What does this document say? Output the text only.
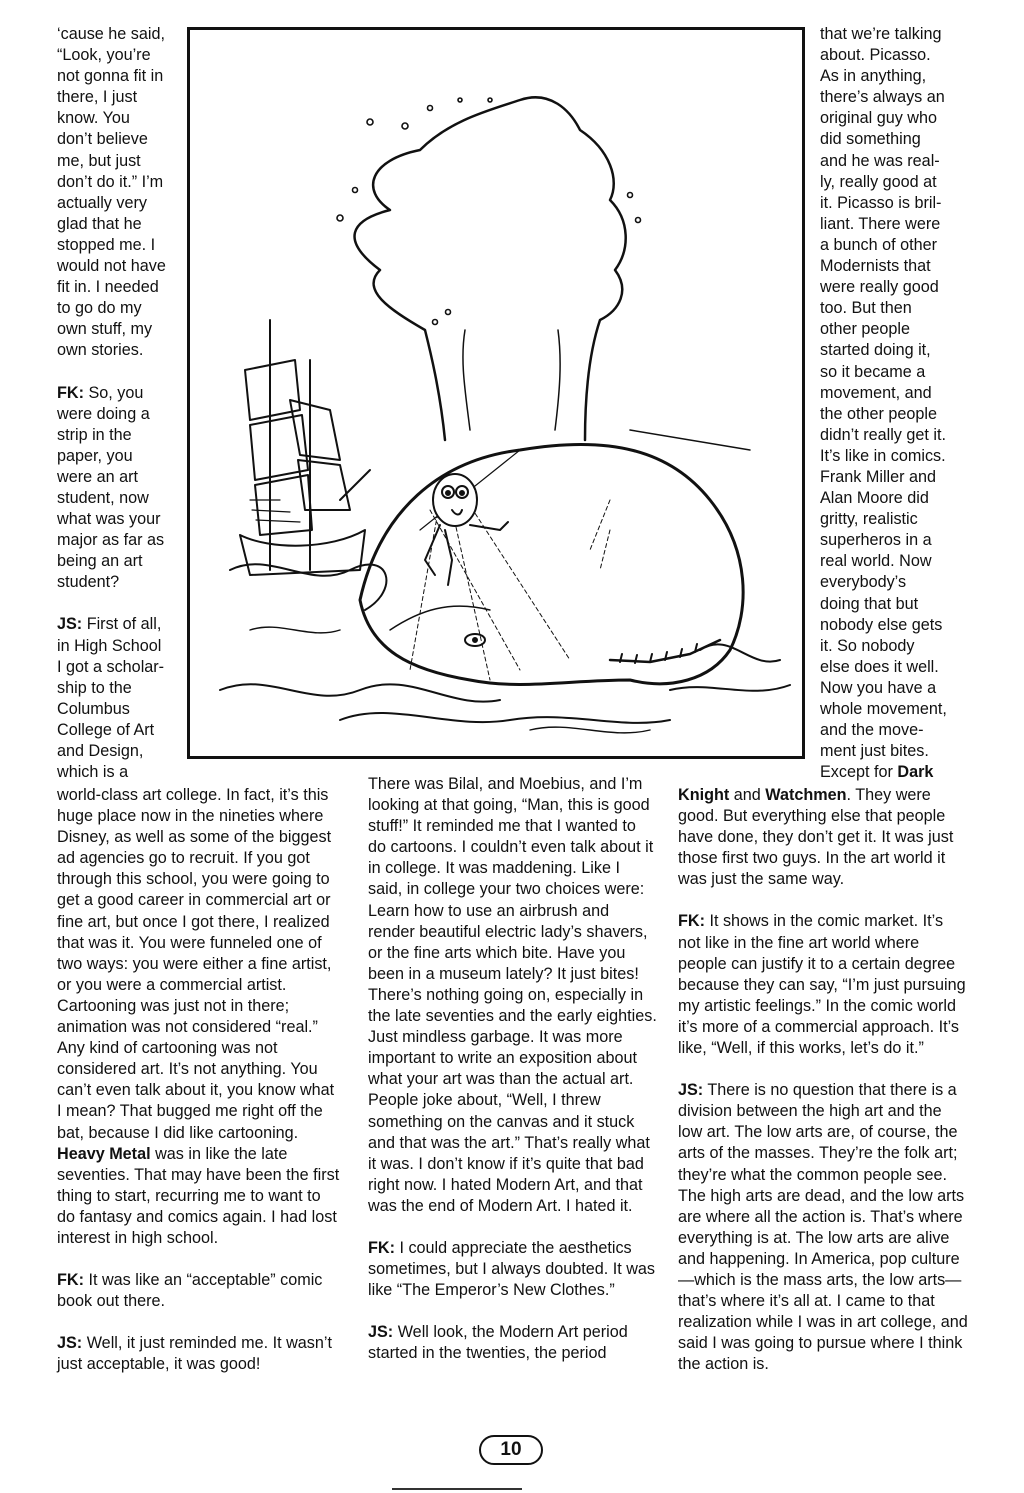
‘cause he said,
“Look, you’re
not gonna fit in
there, I just
know. You
don’t believe
me, but just
don’t do it.” I’m
actually very
glad that he
stopped me. I
would not have
fit in. I needed
to go do my
own stuff, my
own stories.

FK: So, you
were doing a
strip in the
paper, you
were an art
student, now
what was your
major as far as
being an art
student?

JS: First of all,
in High School
I got a scholar-
ship to the
Columbus
College of Art
and Design,
which is a

world-class art college. In fact, it’s this huge place now in the nineties where Disney, as well as some of the biggest ad agencies go to recruit. If you got through this school, you were going to get a good career in commercial art or fine art, but once I got there, I realized that was it. You were funneled one of two ways: you were either a fine artist, or you were a commercial artist. Cartooning was just not in there; animation was not considered “real.” Any kind of cartooning was not considered art. It’s not anything. You can’t even talk about it, you know what I mean? That bugged me right off the bat, because I did like cartooning. Heavy Metal was in like the late seventies. That may have been the first thing to start, recurring me to want to do fantasy and comics again. I had lost interest in high school.

FK: It was like an “acceptable” comic book out there.

JS: Well, it just reminded me. It wasn’t just acceptable, it was good!

There was Bilal, and Moebius, and I’m looking at that going, “Man, this is good stuff!” It reminded me that I wanted to do cartoons. I couldn’t even talk about it in college. It was maddening. Like I said, in college your two choices were: Learn how to use an airbrush and render beautiful electric lady’s shavers, or the fine arts which bite. Have you been in a museum lately? It just bites! There’s nothing going on, especially in the late seventies and the early eighties. Just mindless garbage. It was more important to write an exposition about what your art was than the actual art. People joke about, “Well, I threw something on the canvas and it stuck and that was the art.” That’s really what it was. I don’t know if it’s quite that bad right now. I hated Modern Art, and that was the end of Modern Art. I hated it.

FK: I could appreciate the aesthetics sometimes, but I always doubted. It was like “The Emperor’s New Clothes.”

JS: Well look, the Modern Art period started in the twenties, the period

that we’re talking
about. Picasso.
As in anything,
there’s always an
original guy who
did something
and he was real-
ly, really good at
it. Picasso is bril-
liant. There were
a bunch of other
Modernists that
were really good
too. But then
other people
started doing it,
so it became a
movement, and
the other people
didn’t really get it.
It’s like in comics.
Frank Miller and
Alan Moore did
gritty, realistic
superheros in a
real world. Now
everybody’s
doing that but
nobody else gets
it. So nobody
else does it well.
Now you have a
whole movement,
and the move-
ment just bites.

Except for Dark

Knight and Watchmen. They were good. But everything else that people have done, they don’t get it. It was just those first two guys. In the art world it was just the same way.

FK: It shows in the comic market. It’s not like in the fine art world where people can justify it to a certain degree because they can say, “I’m just pursuing my artistic feelings.” In the comic world it’s more of a commercial approach. It’s like, “Well, if this works, let’s do it.”

JS: There is no question that there is a division between the high art and the low art. The low arts are, of course, the arts of the masses. They’re the folk art; they’re what the common people see. The high arts are dead, and the low arts are where all the action is. That’s where everything is at. The low arts are alive and happening. In America, pop culture—which is the mass arts, the low arts—that’s where it’s all at. I came to that realization while I was in art college, and said I was going to pursue where I think the action is.

10
